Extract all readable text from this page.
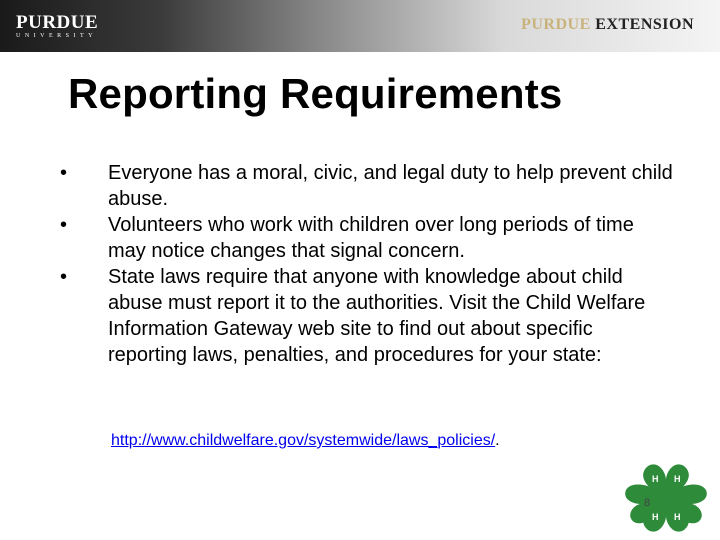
PURDUE
UNIVERSITY
PURDUE EXTENSION
Reporting Requirements
•	Everyone has a moral, civic, and legal duty to help prevent child abuse.
•	Volunteers who work with children over long periods of time may notice changes that signal concern.
•	State laws require that anyone with knowledge about child abuse must report it to the authorities. Visit the Child Welfare Information Gateway web site to find out about specific reporting laws, penalties, and procedures for your state:
http://www.childwelfare.gov/systemwide/laws_policies/.
H H
H H
8
